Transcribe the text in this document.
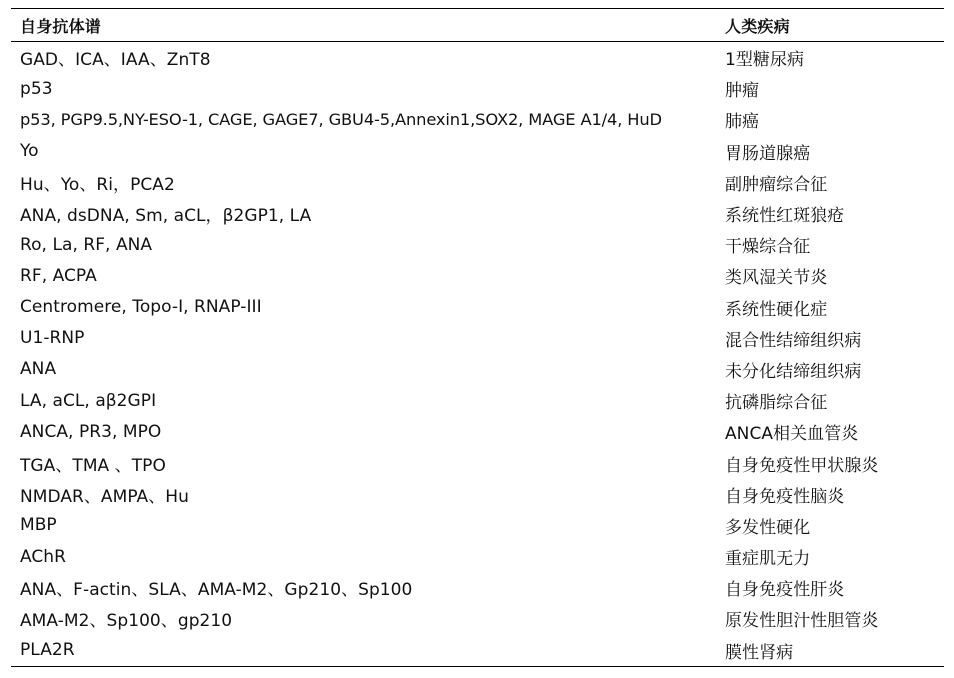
自身抗体谱	人类疾病
GAD、ICA、IAA、ZnT8	1型糖尿病
p53	肿瘤
p53, PGP9.5,NY-ESO-1, CAGE, GAGE7, GBU4-5,Annexin1,SOX2, MAGE A1/4, HuD	肺癌
Yo	胃肠道腺癌
Hu、Yo、Ri，PCA2	副肿瘤综合征
ANA, dsDNA, Sm, aCL，β2GP1, LA	系统性红斑狼疮
Ro, La, RF, ANA	干燥综合征
RF, ACPA	类风湿关节炎
Centromere, Topo-I, RNAP-III	系统性硬化症
U1-RNP	混合性结缔组织病
ANA	未分化结缔组织病
LA, aCL, aβ2GPI	抗磷脂综合征
ANCA, PR3, MPO	ANCA相关血管炎
TGA、TMA 、TPO	自身免疫性甲状腺炎
NMDAR、AMPA、Hu	自身免疫性脑炎
MBP	多发性硬化
AChR	重症肌无力
ANA、F-actin、SLA、AMA-M2、Gp210、Sp100	自身免疫性肝炎
AMA-M2、Sp100、gp210	原发性胆汁性胆管炎
PLA2R	膜性肾病
